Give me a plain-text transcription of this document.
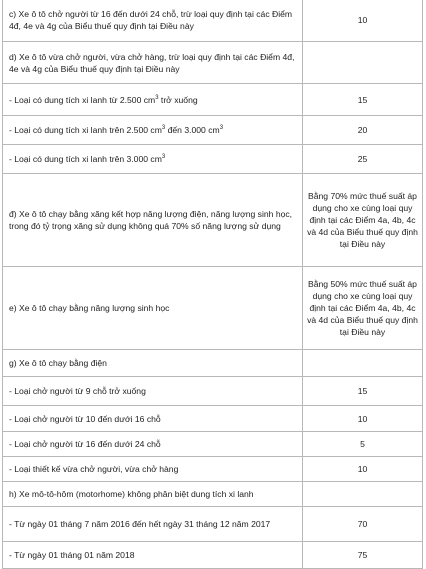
c) Xe ô tô chở người từ 16 đến dưới 24 chỗ, trừ loại quy định tại các Điểm 4đ, 4e và 4g của Biểu thuế quy định tại Điều này	10
d) Xe ô tô vừa chở người, vừa chở hàng, trừ loại quy định tại các Điểm 4đ, 4e và 4g của Biểu thuế quy định tại Điều này	
- Loại có dung tích xi lanh từ 2.500 $cm^3$ trở xuống	15
- Loại có dung tích xi lanh trên 2.500 $cm^3$ đến 3.000 $cm^3$	20
- Loại có dung tích xi lanh trên 3.000 $cm^3$	25
đ) Xe ô tô chạy bằng xăng kết hợp năng lượng điện, năng lượng sinh học, trong đó tỷ trọng xăng sử dụng không quá 70% số năng lượng sử dụng	Bằng 70% mức thuế suất áp dụng cho xe cùng loại quy định tại các Điểm 4a, 4b, 4c và 4d của Biểu thuế quy định tại Điều này
e) Xe ô tô chạy bằng năng lượng sinh học	Bằng 50% mức thuế suất áp dụng cho xe cùng loại quy định tại các Điểm 4a, 4b, 4c và 4d của Biểu thuế quy định tại Điều này
g) Xe ô tô chạy bằng điện	
- Loại chở người từ 9 chỗ trở xuống	15
- Loại chở người từ 10 đến dưới 16 chỗ	10
- Loại chở người từ 16 đến dưới 24 chỗ	5
- Loại thiết kế vừa chở người, vừa chở hàng	10
h) Xe mô-tô-hôm (motorhome) không phân biệt dung tích xi lanh	
- Từ ngày 01 tháng 7 năm 2016 đến hết ngày 31 tháng 12 năm 2017	70
- Từ ngày 01 tháng 01 năm 2018	75
